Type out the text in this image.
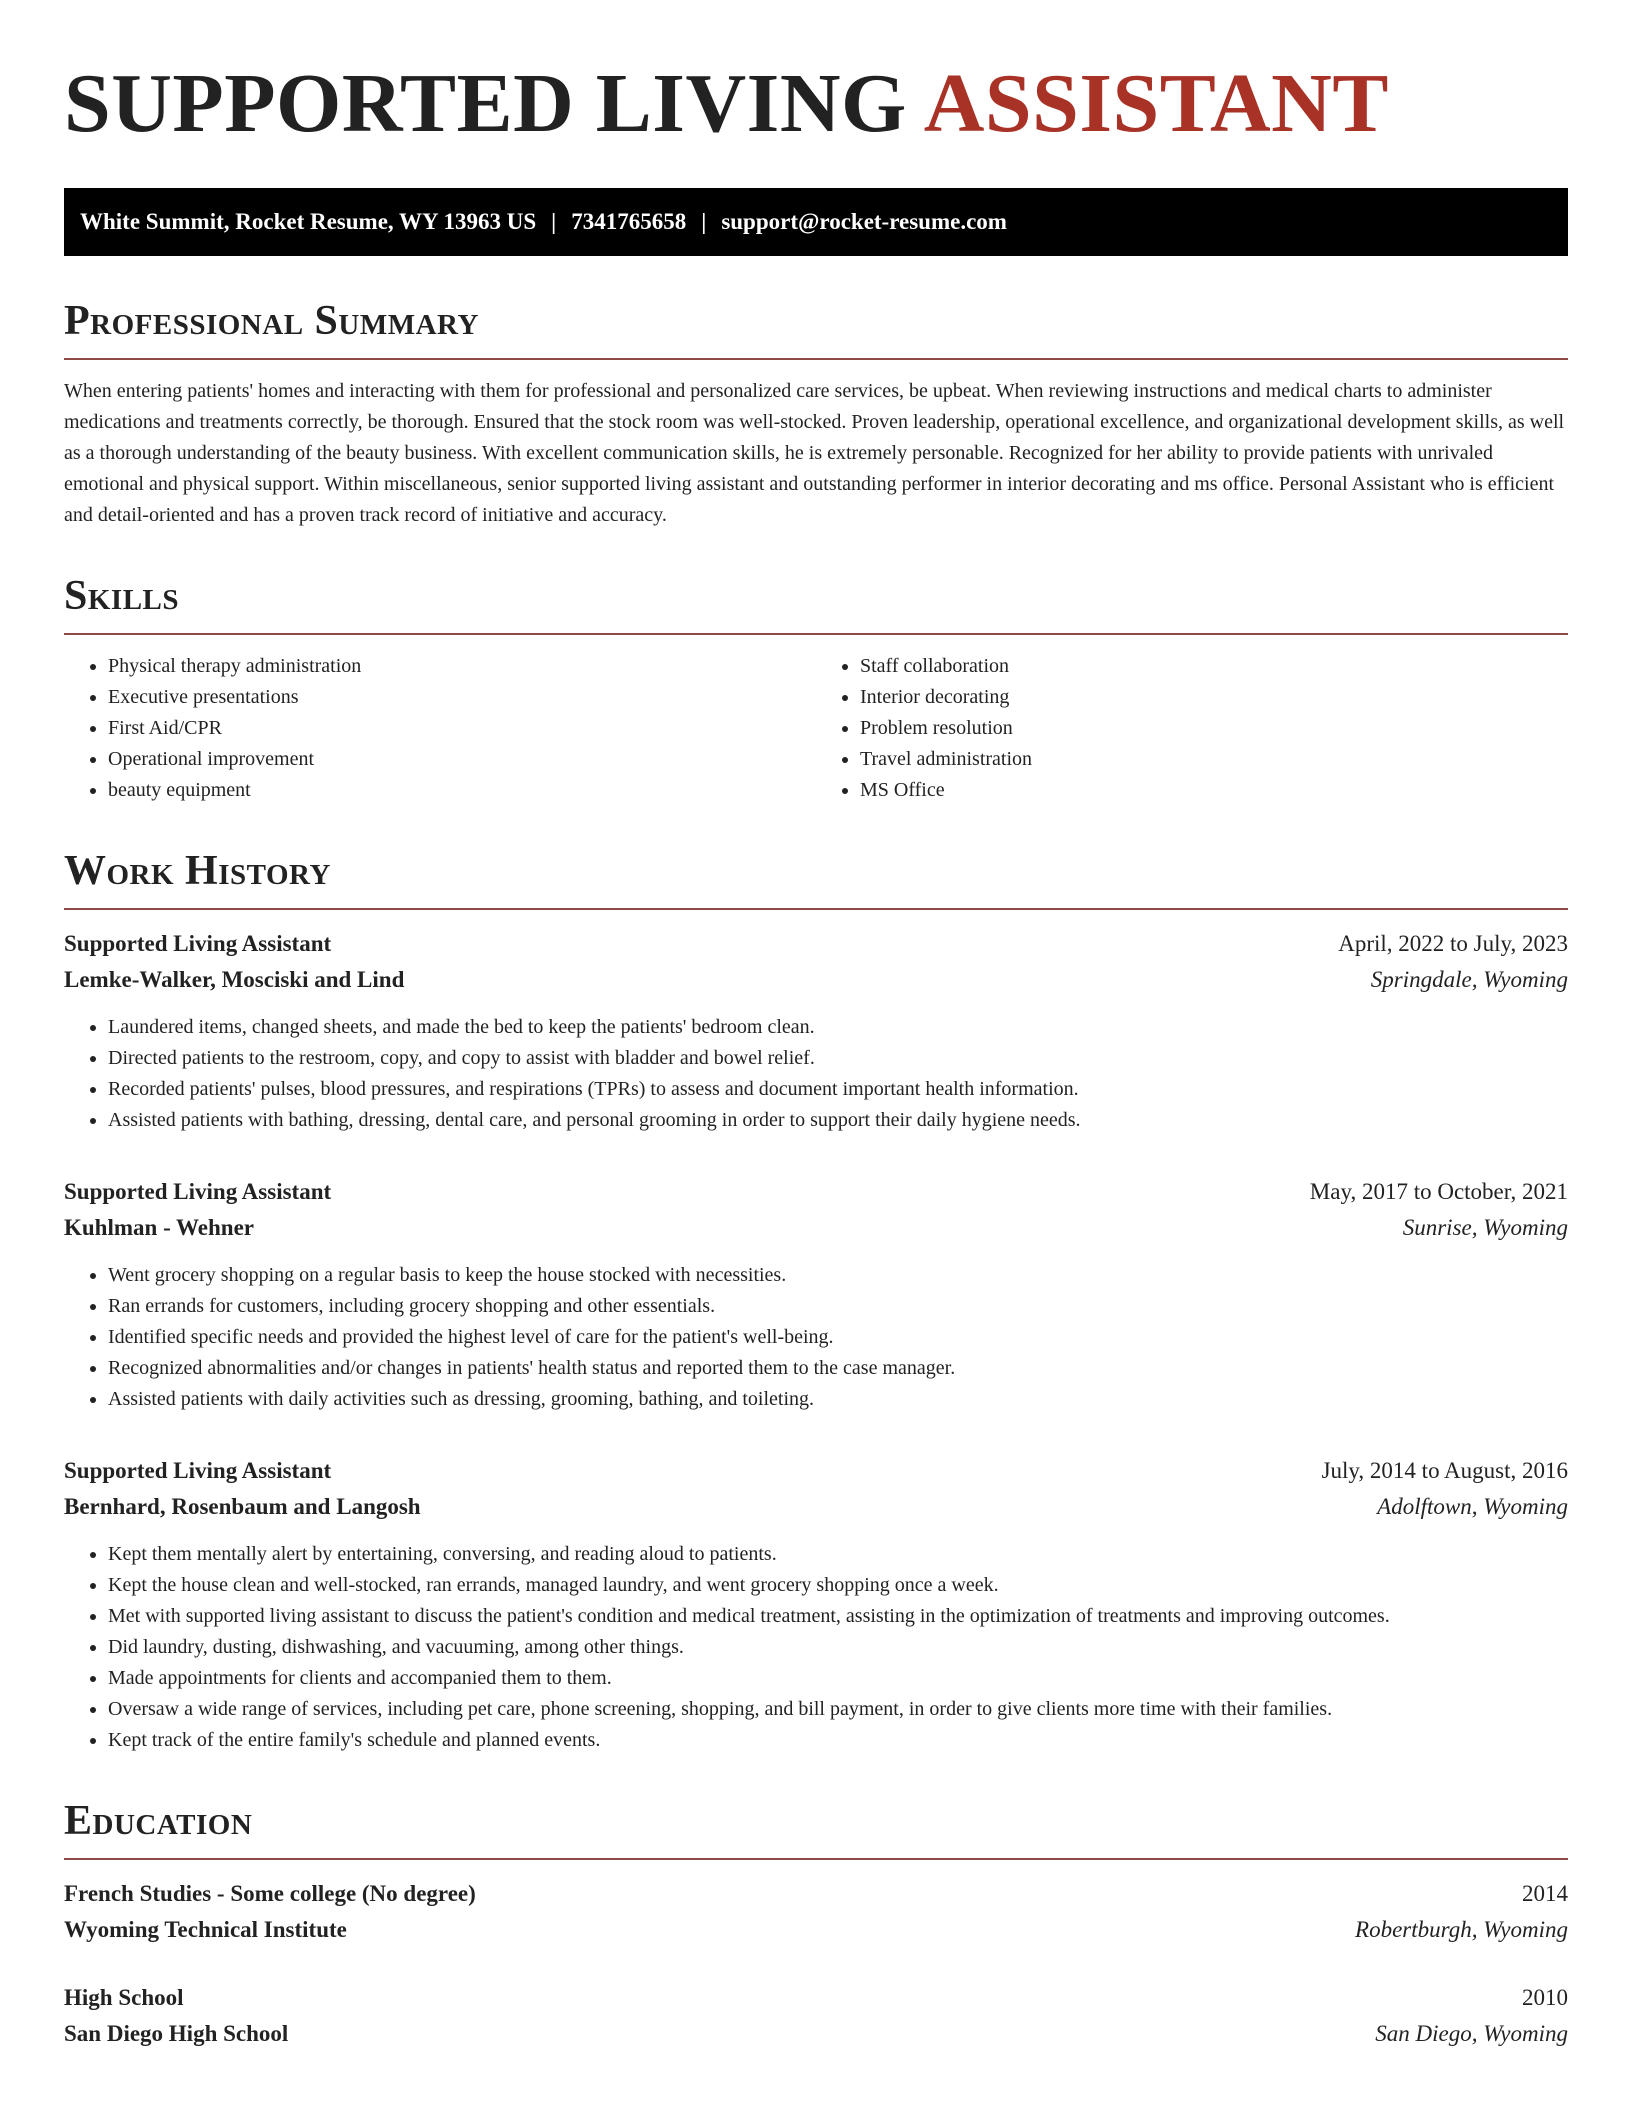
SUPPORTED LIVING ASSISTANT
White Summit, Rocket Resume, WY 13963 US | 7341765658 | support@rocket-resume.com
Professional Summary

When entering patients' homes and interacting with them for professional and personalized care services, be upbeat. When reviewing instructions and medical charts to administer medications and treatments correctly, be thorough. Ensured that the stock room was well-stocked. Proven leadership, operational excellence, and organizational development skills, as well as a thorough understanding of the beauty business. With excellent communication skills, he is extremely personable. Recognized for her ability to provide patients with unrivaled emotional and physical support. Within miscellaneous, senior supported living assistant and outstanding performer in interior decorating and ms office. Personal Assistant who is efficient and detail-oriented and has a proven track record of initiative and accuracy.

Skills
• Physical therapy administration
• Executive presentations
• First Aid/CPR
• Operational improvement
• beauty equipment
• Staff collaboration
• Interior decorating
• Problem resolution
• Travel administration
• MS Office
Work History
Supported Living Assistant	April, 2022 to July, 2023
Lemke-Walker, Mosciski and Lind	Springdale, Wyoming
• Laundered items, changed sheets, and made the bed to keep the patients' bedroom clean.
• Directed patients to the restroom, copy, and copy to assist with bladder and bowel relief.
• Recorded patients' pulses, blood pressures, and respirations (TPRs) to assess and document important health information.
• Assisted patients with bathing, dressing, dental care, and personal grooming in order to support their daily hygiene needs.
Supported Living Assistant	May, 2017 to October, 2021
Kuhlman - Wehner	Sunrise, Wyoming
• Went grocery shopping on a regular basis to keep the house stocked with necessities.
• Ran errands for customers, including grocery shopping and other essentials.
• Identified specific needs and provided the highest level of care for the patient's well-being.
• Recognized abnormalities and/or changes in patients' health status and reported them to the case manager.
• Assisted patients with daily activities such as dressing, grooming, bathing, and toileting.
Supported Living Assistant	July, 2014 to August, 2016
Bernhard, Rosenbaum and Langosh	Adolftown, Wyoming
• Kept them mentally alert by entertaining, conversing, and reading aloud to patients.
• Kept the house clean and well-stocked, ran errands, managed laundry, and went grocery shopping once a week.
• Met with supported living assistant to discuss the patient's condition and medical treatment, assisting in the optimization of treatments and improving outcomes.
• Did laundry, dusting, dishwashing, and vacuuming, among other things.
• Made appointments for clients and accompanied them to them.
• Oversaw a wide range of services, including pet care, phone screening, shopping, and bill payment, in order to give clients more time with their families.
• Kept track of the entire family's schedule and planned events.
Education
French Studies - Some college (No degree)	2014
Wyoming Technical Institute	Robertburgh, Wyoming
High School	2010
San Diego High School	San Diego, Wyoming
